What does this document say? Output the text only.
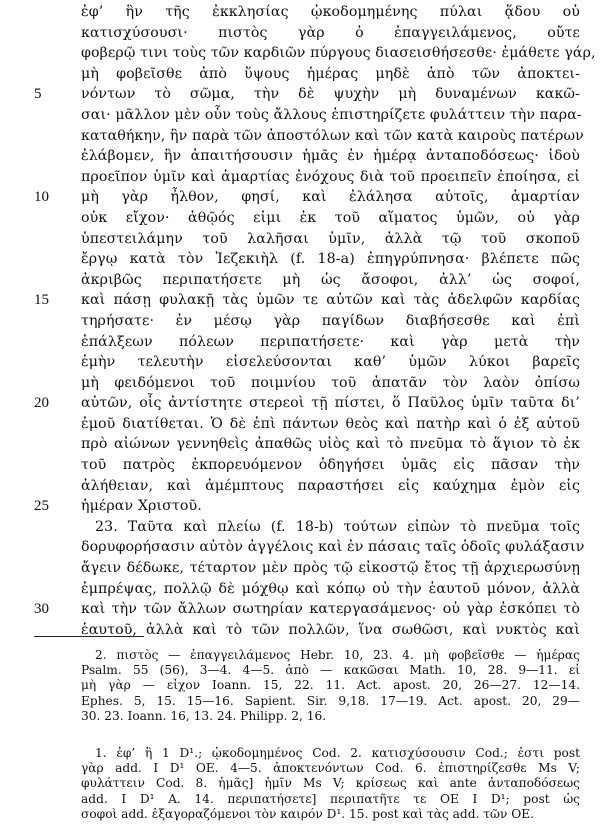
ἐφ’ ἣν τῆς ἐκκλησίας ᾠκοδομημένης πύλαι ᾅδου οὐ
κατισχύσουσι· πιστὸς γὰρ ὁ ἐπαγγειλάμενος, οὔτε
φοβερῷ τινι τοὺς τῶν καρδιῶν πύργους διασεισθήσεσθε· ἐμάθετε γάρ,
μὴ φοβεῖσθε ἀπὸ ὕψους ἡμέρας μηδὲ ἀπὸ τῶν ἀποκτει-
5	νόντων τὸ σῶμα, τὴν δὲ ψυχὴν μὴ δυναμένων κακῶ-
σαι· μᾶλλον μὲν οὖν τοὺς ἄλλους ἐπιστηρίζετε φυλάττειν τὴν παρα-
καταθήκην, ἣν παρὰ τῶν ἀποστόλων καὶ τῶν κατὰ καιροὺς πατέρων
ἐλάβομεν, ἣν ἀπαιτήσουσιν ἡμᾶς ἐν ἡμέρᾳ ἀνταποδόσεως· ἰδοὺ
προεῖπον ὑμῖν καὶ ἁμαρτίας ἐνόχους διὰ τοῦ προειπεῖν ἐποίησα, εἰ
10	μὴ γὰρ ἦλθον, φησί, καὶ ἐλάλησα αὐτοῖς, ἁμαρτίαν
οὐκ εἴχον· ἀθῷός εἰμι ἐκ τοῦ αἵματος ὑμῶν, οὐ γὰρ
ὑπεστειλάμην τοῦ λαλῆσαι ὑμῖν, ἀλλὰ τῷ τοῦ σκοποῦ
ἔργῳ κατὰ τὸν Ἰεζεκιὴλ (f. 18-a) ἐπηγρύπνησα· βλέπετε πῶς
ἀκριβῶς περιπατήσετε μὴ ὡς ἄσοφοι, ἀλλ’ ὡς σοφοί,
15	καὶ πάσῃ φυλακῇ τὰς ὑμῶν τε αὐτῶν καὶ τὰς ἀδελφῶν καρδίας
τηρήσατε· ἐν μέσῳ γὰρ παγίδων διαβήσεσθε καὶ ἐπὶ
ἐπάλξεων πόλεων περιπατήσετε· καὶ γὰρ μετὰ τὴν
ἐμὴν τελευτὴν εἰσελεύσονται καθ’ ὑμῶν λύκοι βαρεῖς
μὴ φειδόμενοι τοῦ ποιμνίου τοῦ ἀπατᾶν τὸν λαὸν ὀπίσω
20	αὐτῶν, οἷς ἀντίστητε στερεοὶ τῇ πίστει, ὅ Παῦλος ὑμῖν ταῦτα δι’
ἐμοῦ διατίθεται. Ὁ δὲ ἐπὶ πάντων θεὸς καὶ πατὴρ καὶ ὁ ἐξ αὐτοῦ
πρὸ αἰώνων γεννηθεὶς ἀπαθῶς υἱὸς καὶ τὸ πνεῦμα τὸ ἅγιον τὸ ἐκ
τοῦ πατρὸς ἐκπορευόμενον ὁδηγήσει ὑμᾶς εἰς πᾶσαν τὴν
ἀλήθειαν, καὶ ἀμέμπτους παραστήσει εἰς καύχημα ἐμὸν εἰς
25	ἡμέραν Χριστοῦ.
23. Ταῦτα καὶ πλείω (f. 18-b) τούτων εἰπὼν τὸ πνεῦμα τοῖς
δορυφορήσασιν αὐτὸν ἀγγέλοις καὶ ἐν πάσαις ταῖς ὁδοῖς φυλάξασιν
ἄγειν δέδωκε, τέταρτον μὲν πρὸς τῷ εἰκοστῷ ἔτος τῇ ἀρχιερωσύνῃ
ἐμπρέψας, πολλῷ δὲ μόχθῳ καὶ κόπῳ οὐ τὴν ἑαυτοῦ μόνον, ἀλλὰ
30	καὶ τὴν τῶν ἄλλων σωτηρίαν κατεργασάμενος· οὐ γὰρ ἐσκόπει τὸ
ἑαυτοῦ, ἀλλὰ καὶ τὸ τῶν πολλῶν, ἵνα σωθῶσι, καὶ νυκτὸς καὶ
2. πιστὸς — ἐπαγγειλάμενος Hebr. 10, 23. 4. μὴ φοβεῖσθε — ἡμέρας
Psalm. 55 (56), 3—4. 4—5. ἀπὸ — κακῶσαι Math. 10, 28. 9—11. εἰ
μὴ γὰρ — εἶχον Ioann. 15, 22. 11. Act. apost. 20, 26—27. 12—14.
Ephes. 5, 15. 15—16. Sapient. Sir. 9,18. 17—19. Act. apost. 20, 29—
30. 23. Ioann. 16, 13. 24. Philipp. 2, 16.
1. ἐφ’ ἣ 1 D¹.; ᾠκοδομημένος Cod. 2. κατισχύσουσιν Cod.; ἐστι post
γὰρ add. I D¹ OE. 4—5. ἀποκτενόντων Cod. 6. ἐπιστηρίζεσθε Ms V;
φυλάττειν Cod. 8. ἡμᾶς] ἡμῖν Ms V; κρίσεως καὶ ante ἀνταποδόσεως
add. I D¹ A. 14. περιπατήσετε] περιπατῆτε τε OE I D¹; post ὡς
σοφοὶ add. ἐξαγοραζόμενοι τὸν καιρόν D¹. 15. post καὶ τὰς add. τῶν OE.
